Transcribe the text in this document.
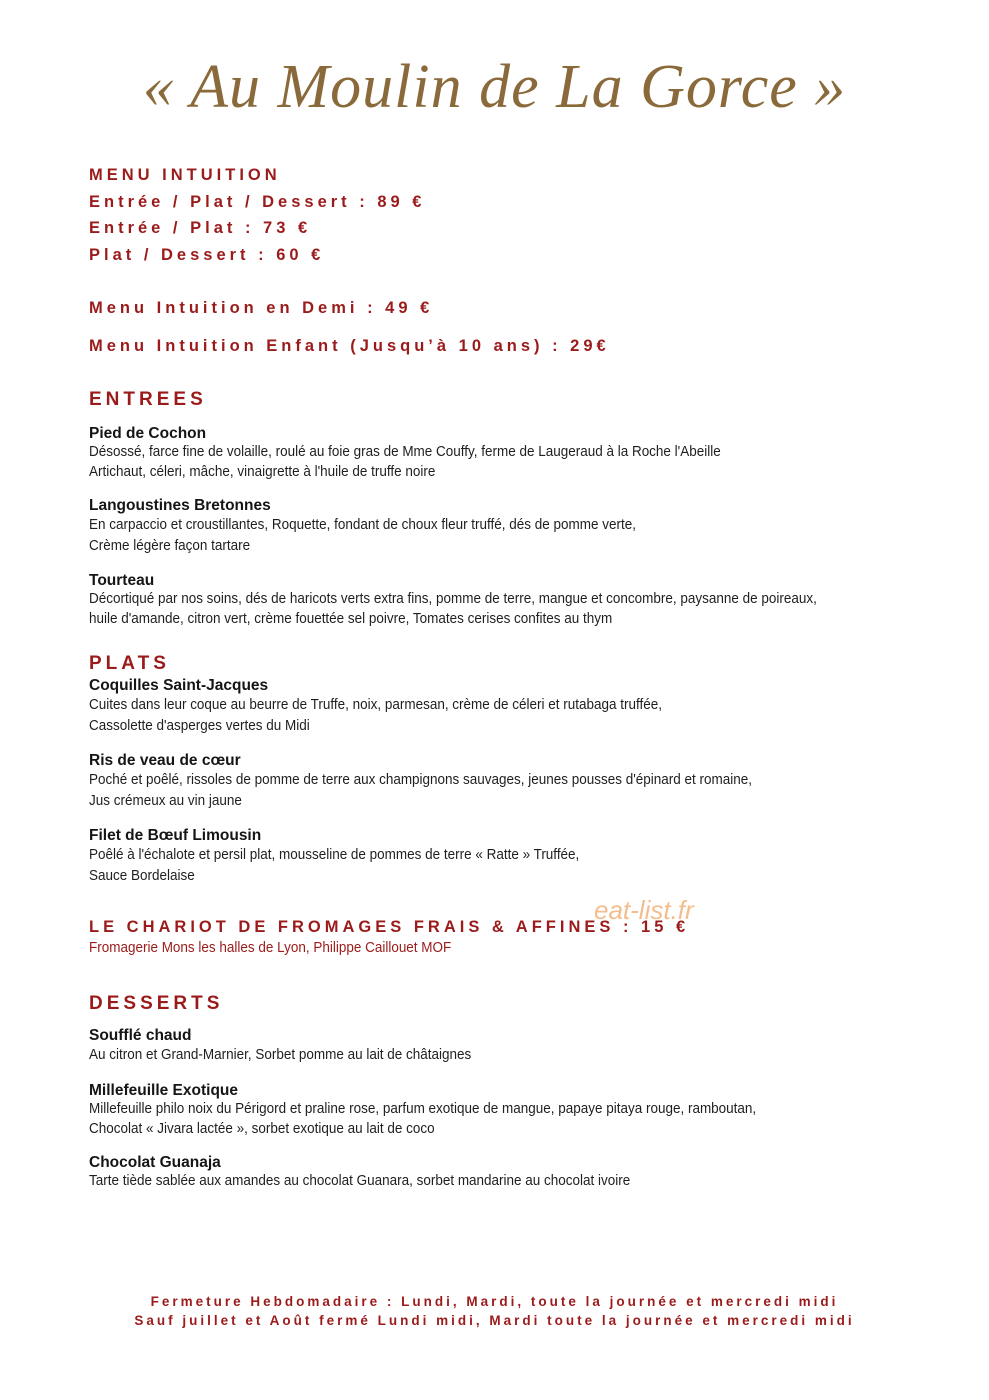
« Au Moulin de La Gorce »
MENU INTUITION
Entrée / Plat / Dessert : 89 €
Entrée / Plat : 73 €
Plat / Dessert : 60 €
Menu Intuition en Demi : 49 €
Menu Intuition Enfant (Jusqu’à 10 ans) : 29€
ENTREES
Pied de Cochon
Désossé, farce fine de volaille, roulé au foie gras de Mme Couffy, ferme de Laugeraud à la Roche l'Abeille
Artichaut, céleri, mâche, vinaigrette à l'huile de truffe noire
Langoustines Bretonnes
En carpaccio et croustillantes, Roquette, fondant de choux fleur truffé, dés de pomme verte,
Crème légère façon tartare
Tourteau
Décortiqué par nos soins, dés de haricots verts extra fins, pomme de terre, mangue et concombre, paysanne de poireaux,
huile d'amande, citron vert, crème fouettée sel poivre, Tomates cerises confites au thym
PLATS
Coquilles Saint-Jacques
Cuites dans leur coque au beurre de Truffe, noix, parmesan, crème de céleri et rutabaga truffée,
Cassolette d'asperges vertes du Midi
Ris de veau de cœur
Poché et poêlé, rissoles de pomme de terre aux champignons sauvages, jeunes pousses d'épinard et romaine,
Jus crémeux au vin jaune
Filet de Bœuf Limousin
Poêlé à l'échalote et persil plat, mousseline de pommes de terre « Ratte » Truffée,
Sauce Bordelaise
LE CHARIOT DE FROMAGES FRAIS & AFFINES : 15 €
Fromagerie Mons les halles de Lyon, Philippe Caillouet MOF
eat-list.fr
DESSERTS
Soufflé chaud
Au citron et Grand-Marnier, Sorbet pomme au lait de châtaignes
Millefeuille Exotique
Millefeuille philo noix du Périgord et praline rose, parfum exotique de mangue, papaye pitaya rouge, ramboutan,
Chocolat « Jivara lactée », sorbet exotique au lait de coco
Chocolat Guanaja
Tarte tiède sablée aux amandes au chocolat Guanara, sorbet mandarine au chocolat ivoire
Fermeture Hebdomadaire : Lundi, Mardi, toute la journée et mercredi midi
Sauf juillet et Août fermé Lundi midi, Mardi toute la journée et mercredi midi
